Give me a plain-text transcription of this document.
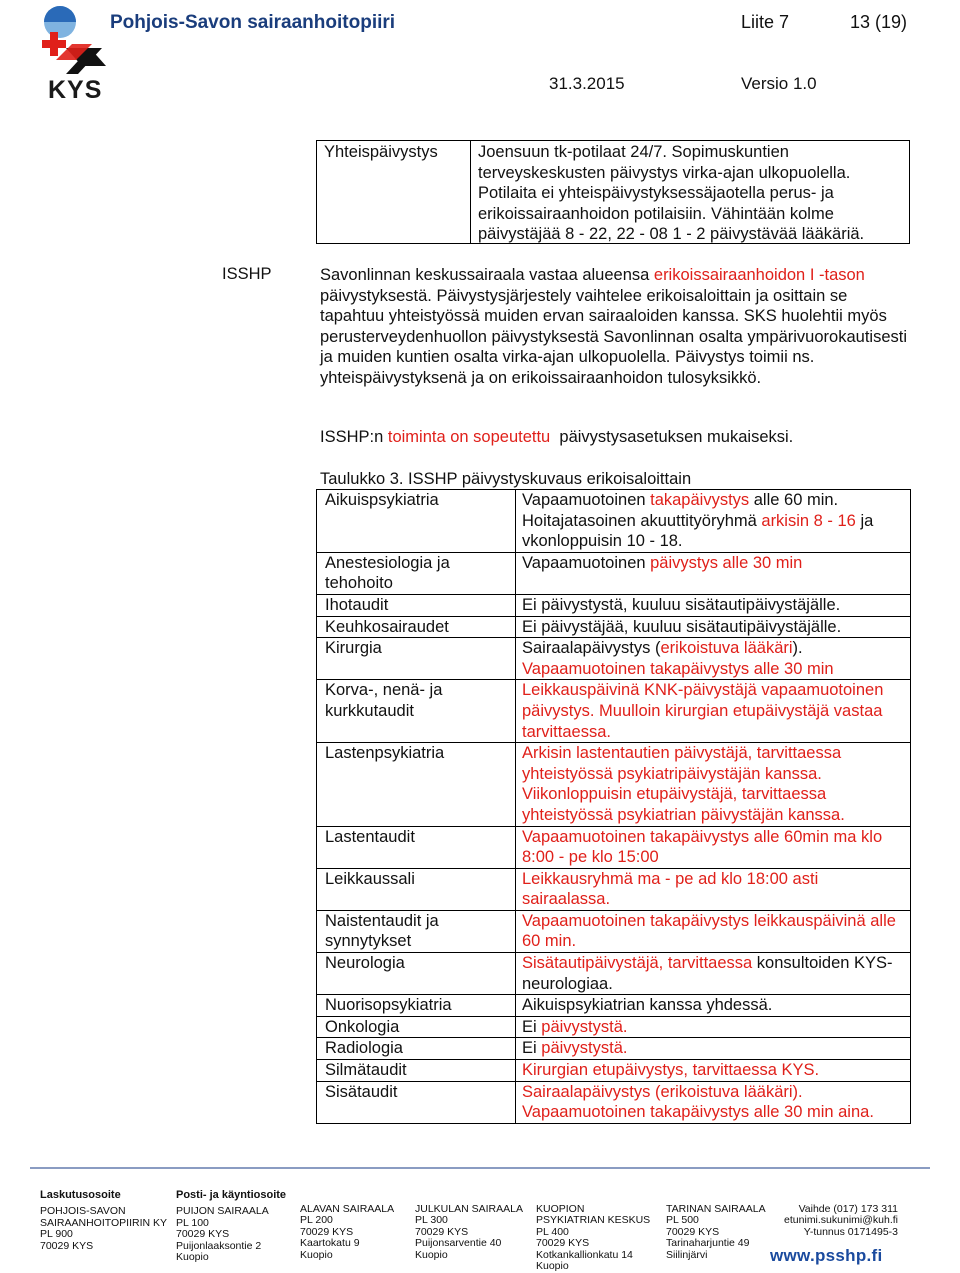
KYS
Pohjois-Savon sairaanhoitopiiri	Liite 7	13 (19)
31.3.2015	Versio 1.0
Yhteispäivystys	Joensuun tk-potilaat 24/7. Sopimuskuntien
terveyskeskusten päivystys virka-ajan ulkopuolella.
Potilaita ei yhteispäivystyksessäjaotella perus- ja
erikoissairaanhoidon potilaisiin. Vähintään kolme
päivystäjää 8 - 22, 22 - 08 1 - 2 päivystävää lääkäriä.
ISSHP	Savonlinnan keskussairaala vastaa alueensa erikoissairaanhoidon I -tason
päivystyksestä. Päivystysjärjestely vaihtelee erikoisaloittain ja osittain se tapahtuu yhteistyössä muiden ervan sairaaloiden kanssa. SKS huolehtii myös perusterveydenhuollon päivystyksestä Savonlinnan osalta ympärivuorokautisesti ja muiden kuntien osalta virka-ajan ulkopuolella. Päivystys toimii ns. yhteispäivystyksenä ja on erikoissairaanhoidon tulosyksikkö.
ISSHP:n toiminta on sopeutettu  päivystysasetuksen mukaiseksi.
Taulukko 3. ISSHP päivystyskuvaus erikoisaloittain
Aikuispsykiatria	Vapaamuotoinen takapäivystys alle 60 min. Hoitajatasoinen akuuttityöryhmä arkisin 8 - 16 ja vkonloppuisin 10 - 18.
Anestesiologia ja tehohoito	Vapaamuotoinen päivystys alle 30 min
Ihotaudit	Ei päivystystä, kuuluu sisätautipäivystäjälle.
Keuhkosairaudet	Ei päivystäjää, kuuluu sisätautipäivystäjälle.
Kirurgia	Sairaalapäivystys (erikoistuva lääkäri).
Vapaamuotoinen takapäivystys alle 30 min
Korva-, nenä- ja kurkkutaudit	Leikkauspäivinä KNK-päivystäjä vapaamuotoinen päivystys. Muulloin kirurgian etupäivystäjä vastaa tarvittaessa.
Lastenpsykiatria	Arkisin lastentautien päivystäjä, tarvittaessa yhteistyössä psykiatripäivystäjän kanssa. Viikonloppuisin etupäivystäjä, tarvittaessa yhteistyössä psykiatrian päivystäjän kanssa.
Lastentaudit	Vapaamuotoinen takapäivystys alle 60min ma klo 8:00 - pe klo 15:00
Leikkaussali	Leikkausryhmä ma - pe ad klo 18:00 asti sairaalassa.
Naistentaudit ja synnytykset	Vapaamuotoinen takapäivystys leikkauspäivinä alle 60 min.
Neurologia	Sisätautipäivystäjä, tarvittaessa konsultoiden KYS-neurologiaa.
Nuorisopsykiatria	Aikuispsykiatrian kanssa yhdessä.
Onkologia	Ei päivystystä.
Radiologia	Ei päivystystä.
Silmätaudit	Kirurgian etupäivystys, tarvittaessa KYS.
Sisätaudit	Sairaalapäivystys (erikoistuva lääkäri).
Vapaamuotoinen takapäivystys alle 30 min aina.
Laskutusosoite
POHJOIS-SAVON
SAIRAANHOITOPIIRIN KY
PL 900
70029 KYS
Posti- ja käyntiosoite
PUIJON SAIRAALA
PL 100
70029 KYS
Puijonlaaksontie 2
Kuopio
ALAVAN SAIRAALA
PL 200
70029 KYS
Kaartokatu 9
Kuopio
JULKULAN SAIRAALA
PL 300
70029 KYS
Puijonsarventie 40
Kuopio
KUOPION
PSYKIATRIAN KESKUS
PL 400
70029 KYS
Kotkankallionkatu 14
Kuopio
TARINAN SAIRAALA
PL 500
70029 KYS
Tarinaharjuntie 49
Siilinjärvi
Vaihde (017) 173 311
etunimi.sukunimi@kuh.fi
Y-tunnus 0171495-3
www.psshp.fi
